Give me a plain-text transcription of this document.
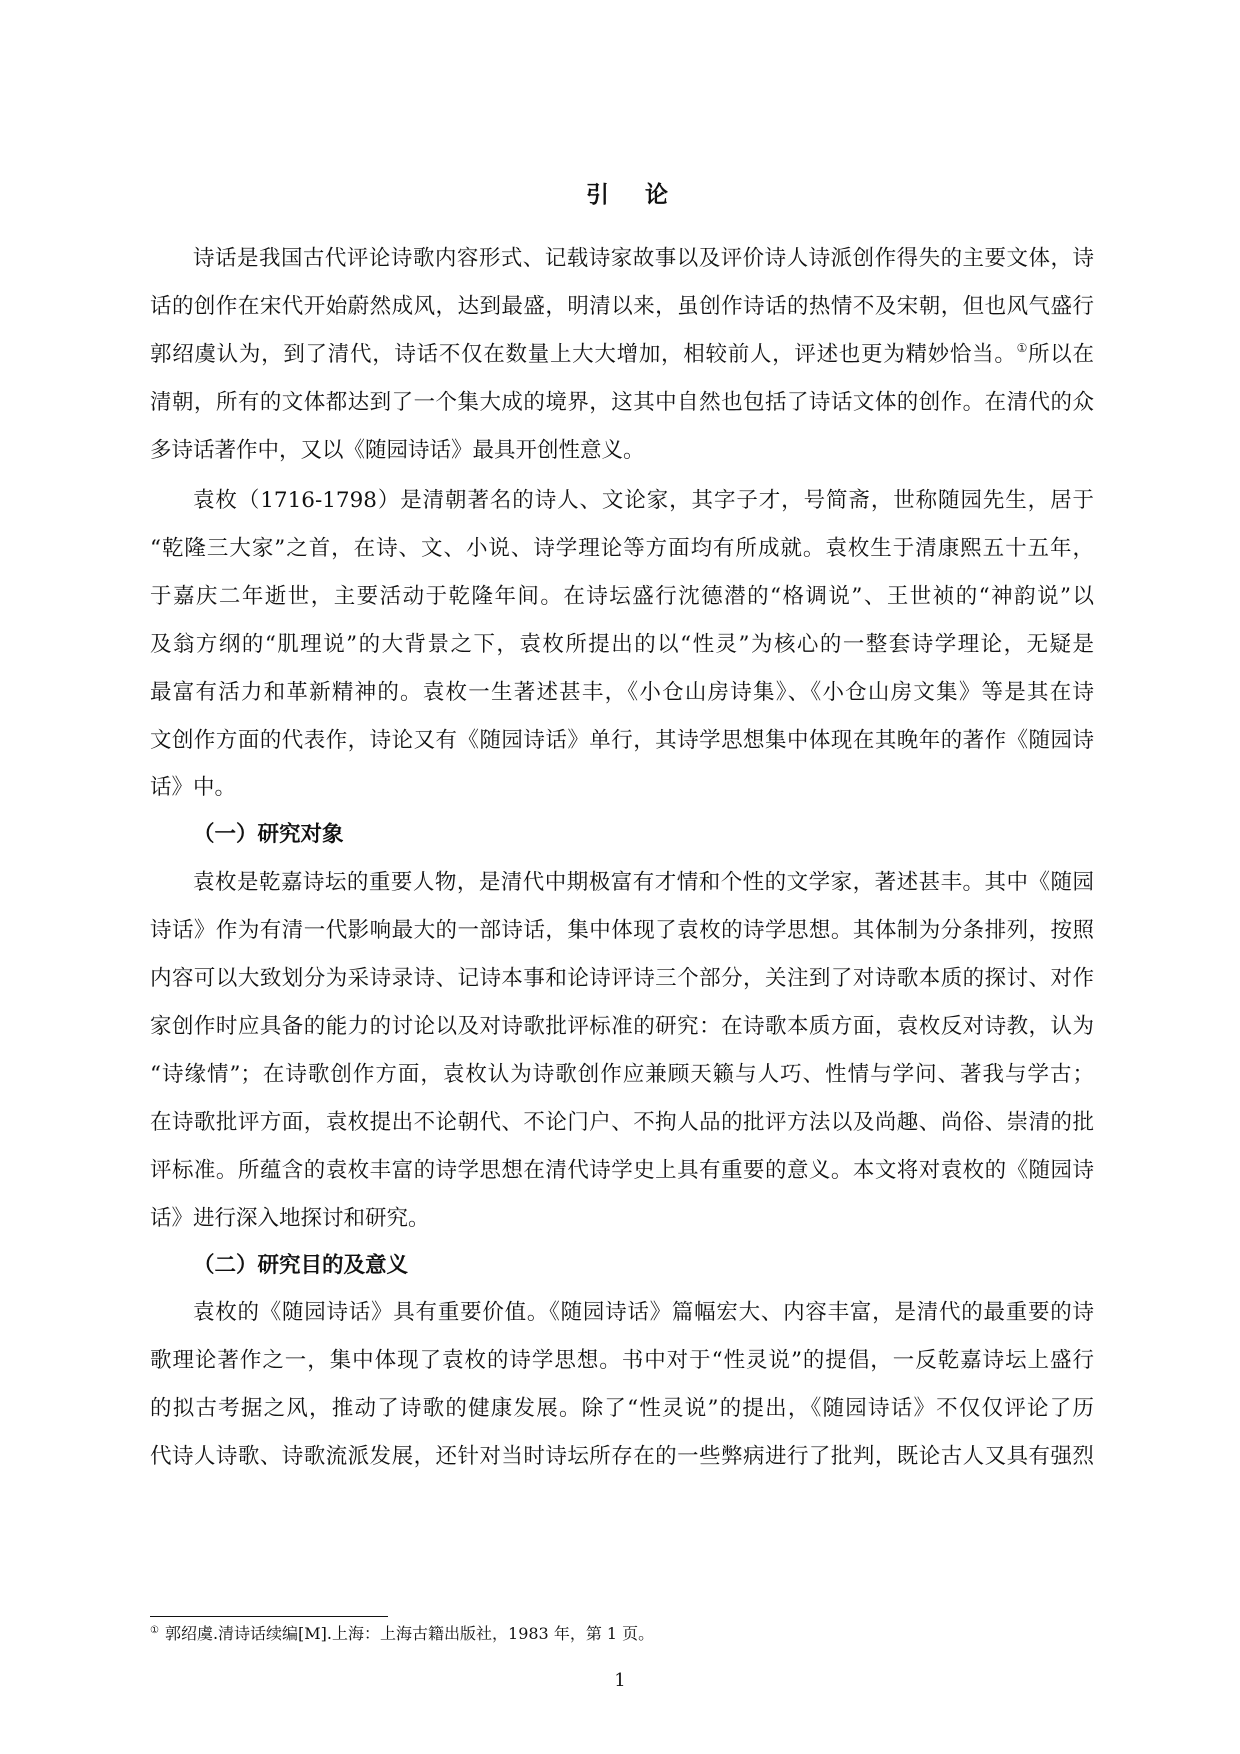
引 论

诗话是我国古代评论诗歌内容形式、记载诗家故事以及评价诗人诗派创作得失的主要文体，诗

话的创作在宋代开始蔚然成风，达到最盛，明清以来，虽创作诗话的热情不及宋朝，但也风气盛行

郭绍虞认为，到了清代，诗话不仅在数量上大大增加，相较前人，评述也更为精妙恰当。①所以在

清朝，所有的文体都达到了一个集大成的境界，这其中自然也包括了诗话文体的创作。在清代的众

多诗话著作中，又以《随园诗话》最具开创性意义。

袁枚（1716-1798）是清朝著名的诗人、文论家，其字子才，号简斋，世称随园先生，居于

“乾隆三大家”之首，在诗、文、小说、诗学理论等方面均有所成就。袁枚生于清康熙五十五年，

于嘉庆二年逝世，主要活动于乾隆年间。在诗坛盛行沈德潜的“格调说”、王世祯的“神韵说”以

及翁方纲的“肌理说”的大背景之下，袁枚所提出的以“性灵”为核心的一整套诗学理论，无疑是

最富有活力和革新精神的。袁枚一生著述甚丰，《小仓山房诗集》、《小仓山房文集》等是其在诗

文创作方面的代表作，诗论又有《随园诗话》单行，其诗学思想集中体现在其晚年的著作《随园诗

话》中。

（一）研究对象

袁枚是乾嘉诗坛的重要人物，是清代中期极富有才情和个性的文学家，著述甚丰。其中《随园

诗话》作为有清一代影响最大的一部诗话，集中体现了袁枚的诗学思想。其体制为分条排列，按照

内容可以大致划分为采诗录诗、记诗本事和论诗评诗三个部分，关注到了对诗歌本质的探讨、对作

家创作时应具备的能力的讨论以及对诗歌批评标准的研究：在诗歌本质方面，袁枚反对诗教，认为

“诗缘情”；在诗歌创作方面，袁枚认为诗歌创作应兼顾天籁与人巧、性情与学问、著我与学古；

在诗歌批评方面，袁枚提出不论朝代、不论门户、不拘人品的批评方法以及尚趣、尚俗、崇清的批

评标准。所蕴含的袁枚丰富的诗学思想在清代诗学史上具有重要的意义。本文将对袁枚的《随园诗

话》进行深入地探讨和研究。

（二）研究目的及意义

袁枚的《随园诗话》具有重要价值。《随园诗话》篇幅宏大、内容丰富，是清代的最重要的诗

歌理论著作之一，集中体现了袁枚的诗学思想。书中对于“性灵说”的提倡，一反乾嘉诗坛上盛行

的拟古考据之风，推动了诗歌的健康发展。除了“性灵说”的提出，《随园诗话》不仅仅评论了历

代诗人诗歌、诗歌流派发展，还针对当时诗坛所存在的一些弊病进行了批判，既论古人又具有强烈

① 郭绍虞.清诗话续编[M].上海：上海古籍出版社，1983 年，第 1 页。

1
